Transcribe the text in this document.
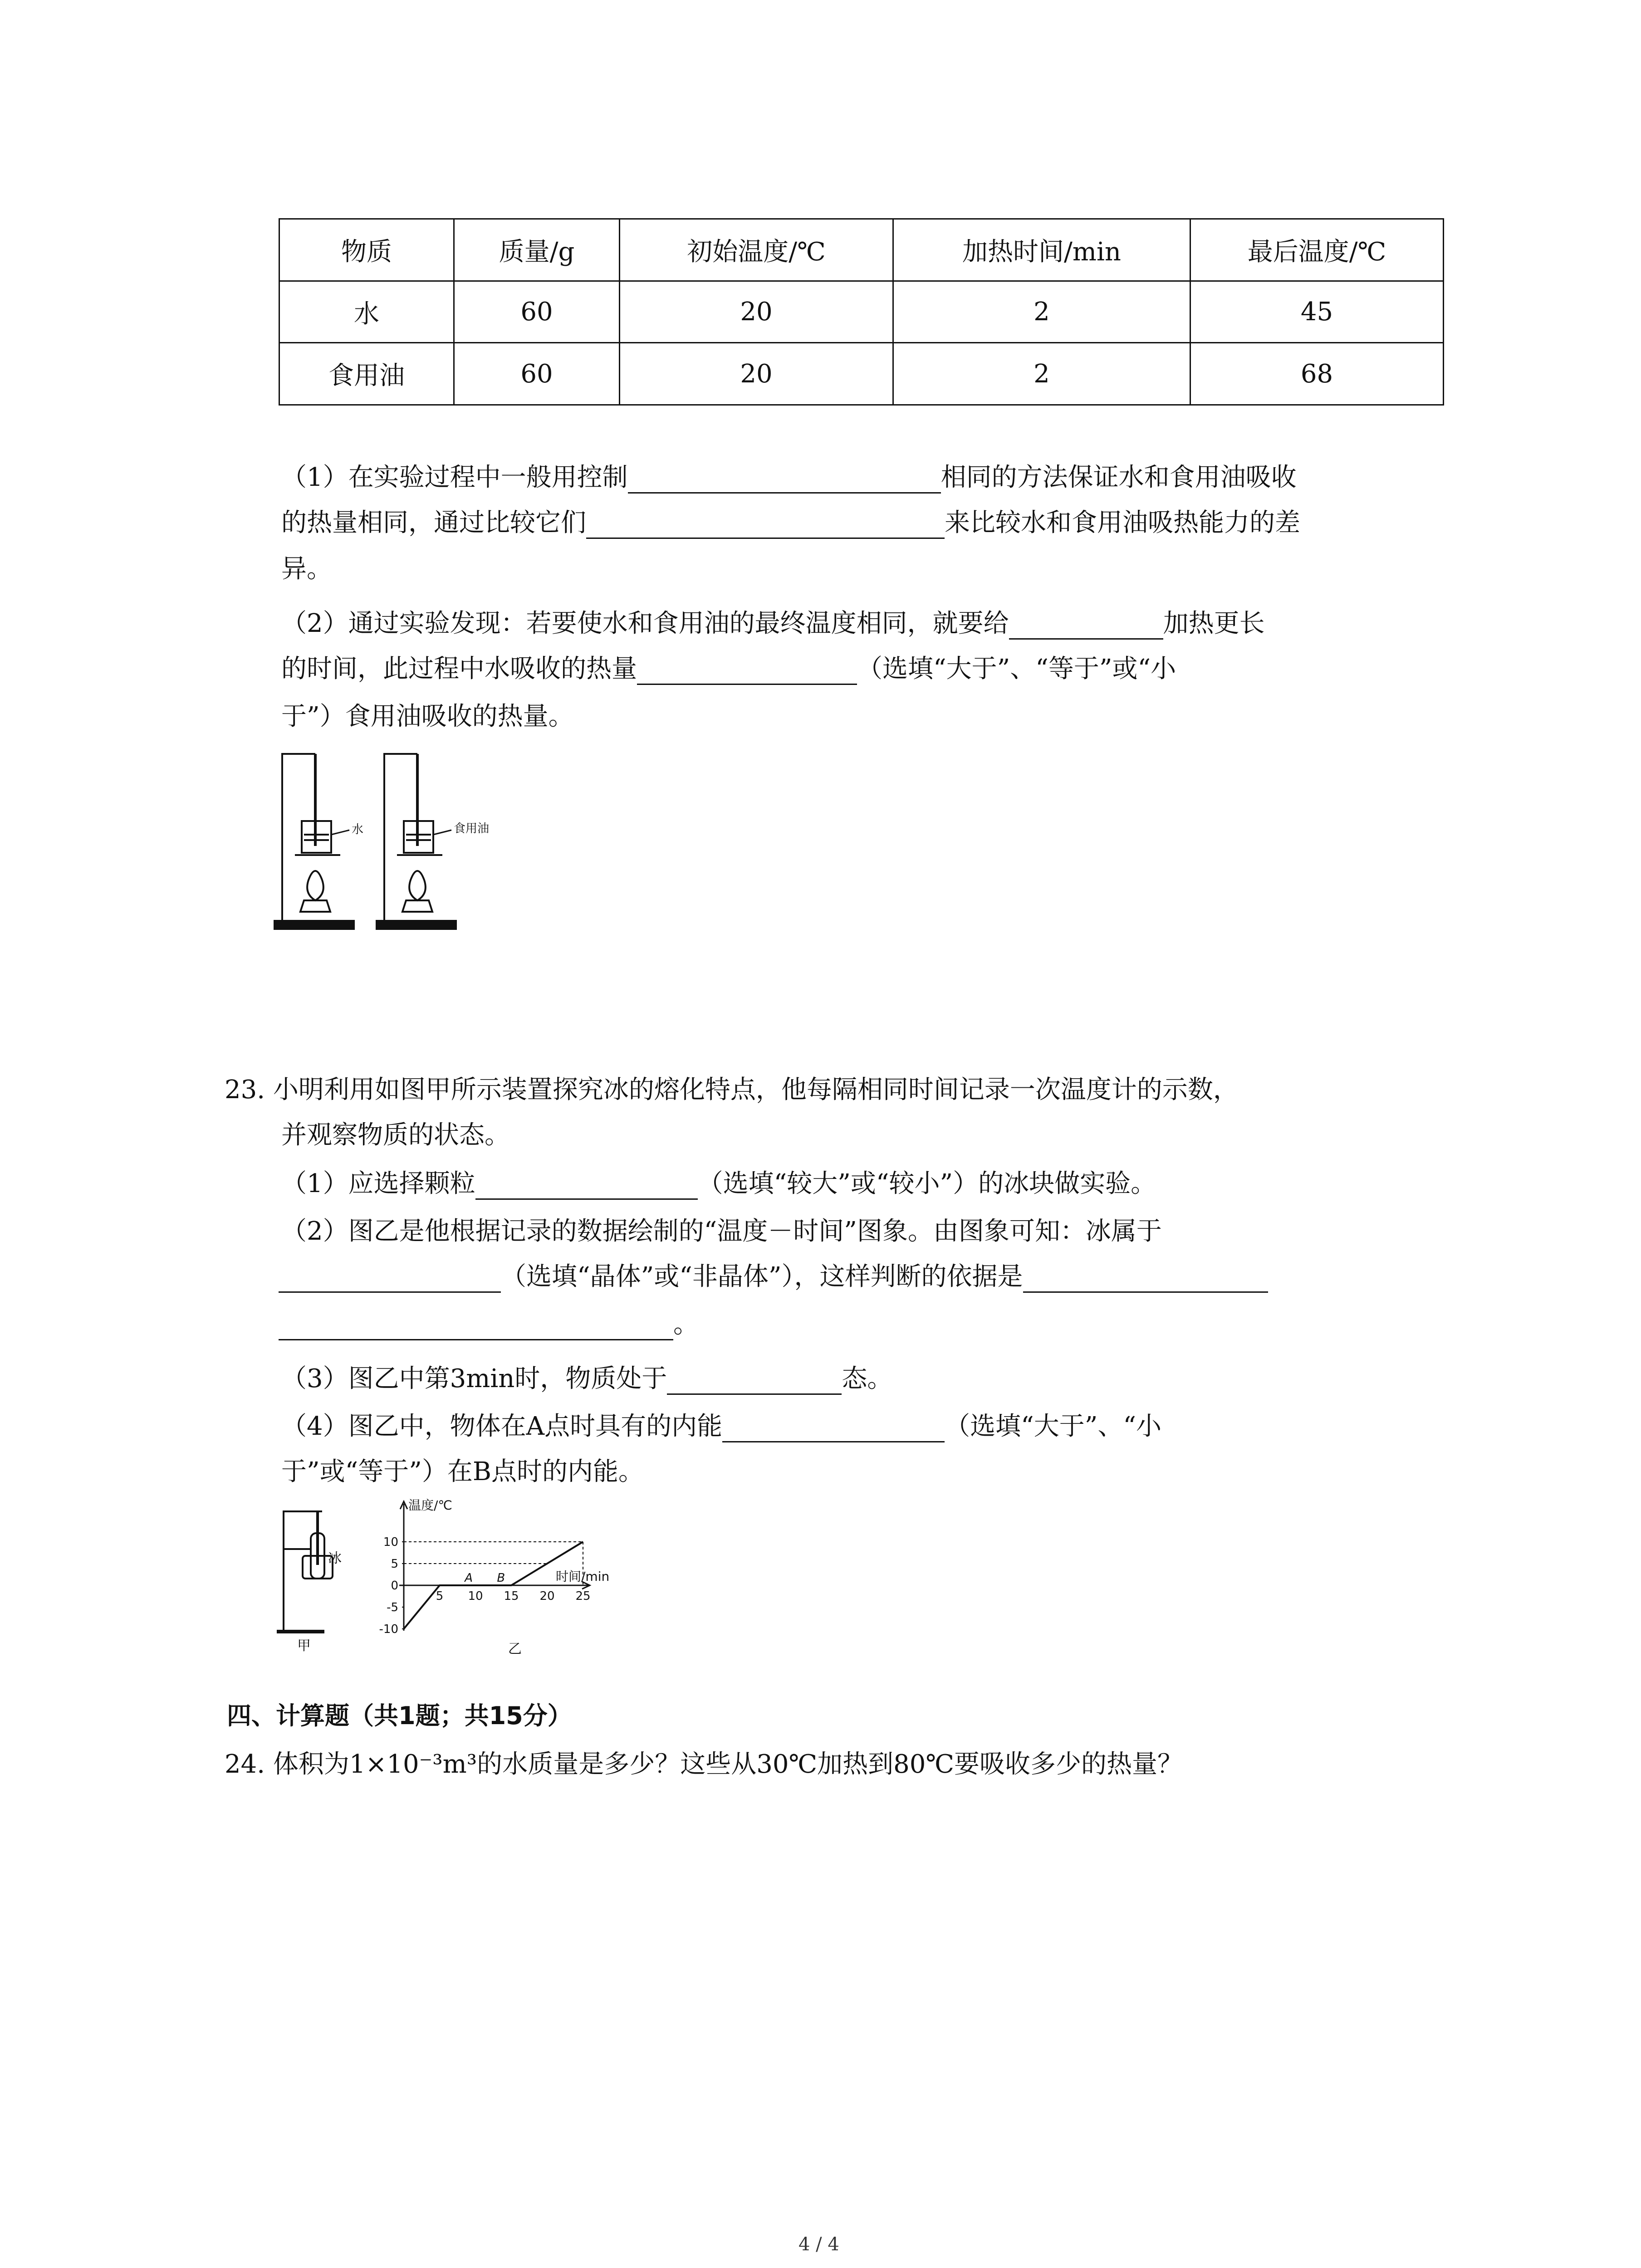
物质	质量/g	初始温度/℃	加热时间/min	最后温度/℃
水	60	20	2	45
食用油	60	20	2	68
（1）在实验过程中一般用控制	相同的方法保证水和食用油吸收
的热量相同，通过比较它们	来比较水和食用油吸热能力的差
异。
（2）通过实验发现：若要使水和食用油的最终温度相同，就要给	加热更长
的时间，此过程中水吸收的热量	（选填“大于”、“等于”或“小
于”）食用油吸收的热量。
水	食用油
23. 小明利用如图甲所示装置探究冰的熔化特点，他每隔相同时间记录一次温度计的示数，
并观察物质的状态。
（1）应选择颗粒	（选填“较大”或“较小”）的冰块做实验。
（2）图乙是他根据记录的数据绘制的“温度－时间”图象。由图象可知：冰属于
（选填“晶体”或“非晶体”），这样判断的依据是
。
（3）图乙中第3min时，物质处于	态。
（4）图乙中，物体在A点时具有的内能	（选填“大于”、“小
于”或“等于”）在B点时的内能。
冰
甲
10
5
0
-5
-10
5 10 15 20 25
A B
温度/℃
时间/min
乙
四、计算题（共1题；共15分）
24. 体积为1×10⁻³m³的水质量是多少？这些从30℃加热到80℃要吸收多少的热量？
4 / 4
